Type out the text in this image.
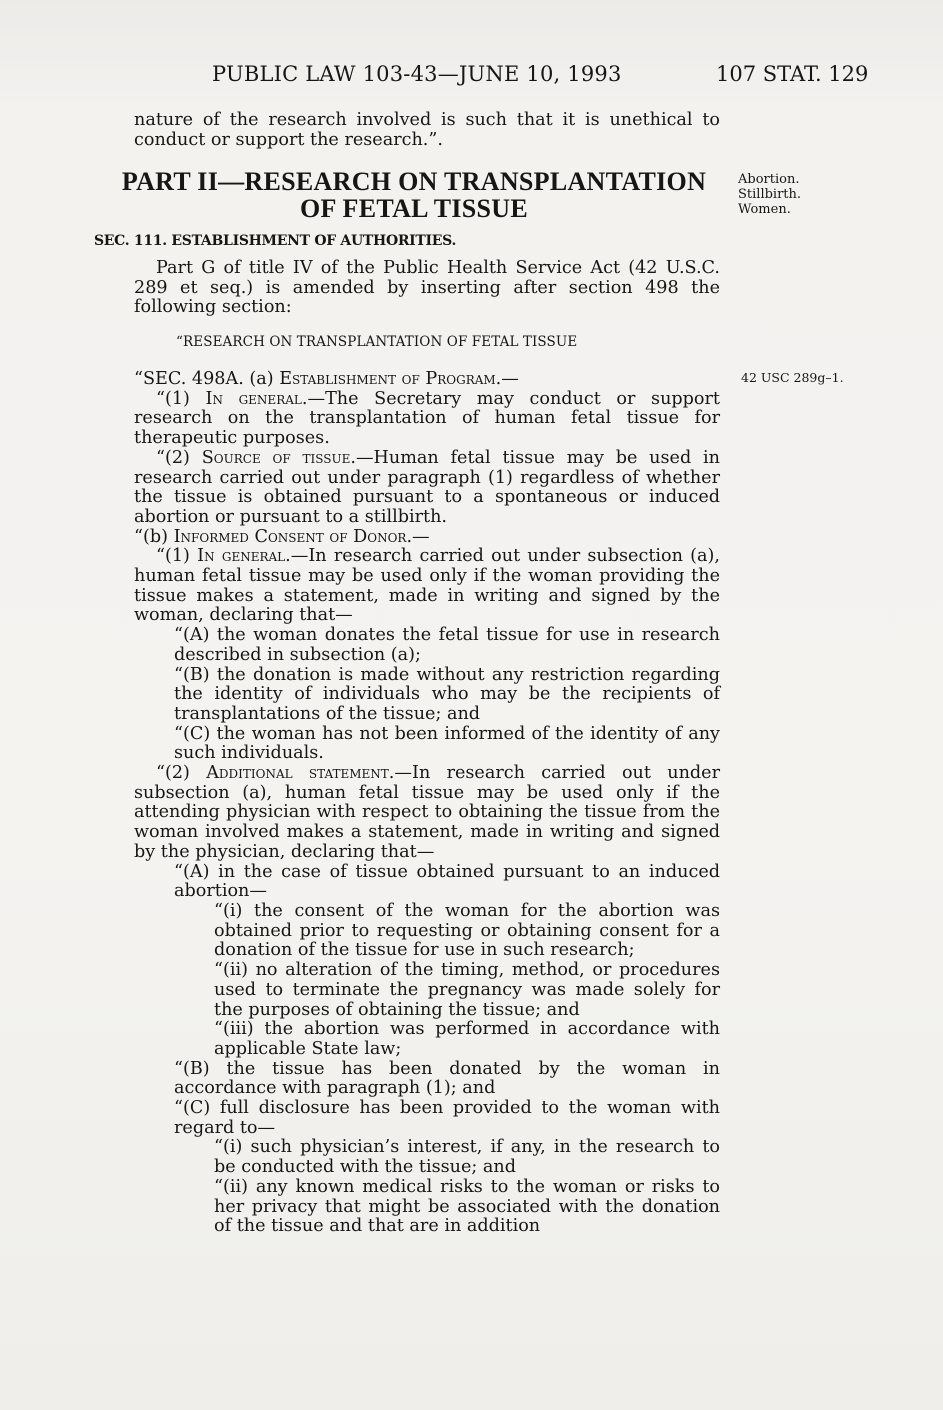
PUBLIC LAW 103-43—JUNE 10, 1993	107 STAT. 129

nature of the research involved is such that it is unethical to conduct or support the research.”.

PART II—RESEARCH ON TRANSPLANTATION
OF FETAL TISSUE
Abortion.
Stillbirth.
Women.
SEC. 111. ESTABLISHMENT OF AUTHORITIES.

Part G of title IV of the Public Health Service Act (42 U.S.C. 289 et seq.) is amended by inserting after section 498 the following section:

“RESEARCH ON TRANSPLANTATION OF FETAL TISSUE
42 USC 289g–1.

“SEC. 498A. (a) Establishment of Program.—

“(1) In general.—The Secretary may conduct or support research on the transplantation of human fetal tissue for therapeutic purposes.

“(2) Source of tissue.—Human fetal tissue may be used in research carried out under paragraph (1) regardless of whether the tissue is obtained pursuant to a spontaneous or induced abortion or pursuant to a stillbirth.

“(b) Informed Consent of Donor.—

“(1) In general.—In research carried out under subsection (a), human fetal tissue may be used only if the woman providing the tissue makes a statement, made in writing and signed by the woman, declaring that—

“(A) the woman donates the fetal tissue for use in research described in subsection (a);

“(B) the donation is made without any restriction regarding the identity of individuals who may be the recipients of transplantations of the tissue; and

“(C) the woman has not been informed of the identity of any such individuals.

“(2) Additional statement.—In research carried out under subsection (a), human fetal tissue may be used only if the attending physician with respect to obtaining the tissue from the woman involved makes a statement, made in writing and signed by the physician, declaring that—

“(A) in the case of tissue obtained pursuant to an induced abortion—

“(i) the consent of the woman for the abortion was obtained prior to requesting or obtaining consent for a donation of the tissue for use in such research;

“(ii) no alteration of the timing, method, or procedures used to terminate the pregnancy was made solely for the purposes of obtaining the tissue; and

“(iii) the abortion was performed in accordance with applicable State law;

“(B) the tissue has been donated by the woman in accordance with paragraph (1); and

“(C) full disclosure has been provided to the woman with regard to—

“(i) such physician’s interest, if any, in the research to be conducted with the tissue; and

“(ii) any known medical risks to the woman or risks to her privacy that might be associated with the donation of the tissue and that are in addition
